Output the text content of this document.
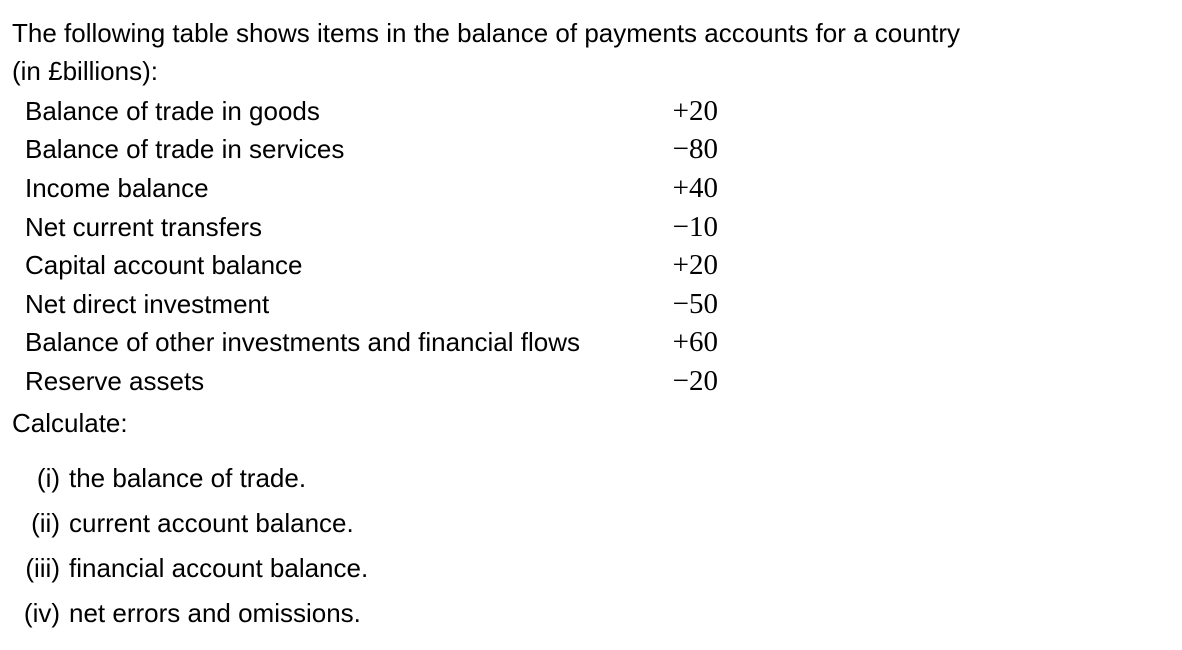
The following table shows items in the balance of payments accounts for a country
(in £billions):
Balance of trade in goods	+20
Balance of trade in services	−80
Income balance	+40
Net current transfers	−10
Capital account balance	+20
Net direct investment	−50
Balance of other investments and financial flows	+60
Reserve assets	−20
Calculate:
(i) the balance of trade.
(ii) current account balance.
(iii) financial account balance.
(iv) net errors and omissions.
